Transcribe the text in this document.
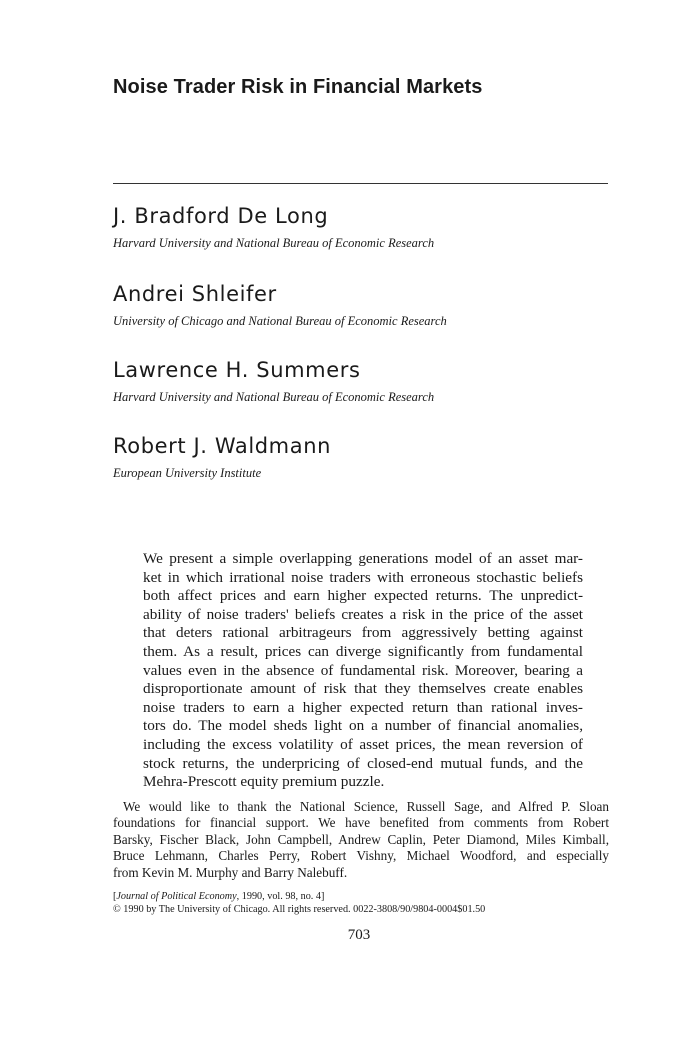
Noise Trader Risk in Financial Markets
J. Bradford De Long
Harvard University and National Bureau of Economic Research
Andrei Shleifer
University of Chicago and National Bureau of Economic Research
Lawrence H. Summers
Harvard University and National Bureau of Economic Research
Robert J. Waldmann
European University Institute
We present a simple overlapping generations model of an asset mar-
ket in which irrational noise traders with erroneous stochastic beliefs
both affect prices and earn higher expected returns. The unpredict-
ability of noise traders' beliefs creates a risk in the price of the asset
that deters rational arbitrageurs from aggressively betting against
them. As a result, prices can diverge significantly from fundamental
values even in the absence of fundamental risk. Moreover, bearing a
disproportionate amount of risk that they themselves create enables
noise traders to earn a higher expected return than rational inves-
tors do. The model sheds light on a number of financial anomalies,
including the excess volatility of asset prices, the mean reversion of
stock returns, the underpricing of closed-end mutual funds, and the
Mehra-Prescott equity premium puzzle.
We would like to thank the National Science, Russell Sage, and Alfred P. Sloan
foundations for financial support. We have benefited from comments from Robert
Barsky, Fischer Black, John Campbell, Andrew Caplin, Peter Diamond, Miles Kimball,
Bruce Lehmann, Charles Perry, Robert Vishny, Michael Woodford, and especially
from Kevin M. Murphy and Barry Nalebuff.
[Journal of Political Economy, 1990, vol. 98, no. 4]
© 1990 by The University of Chicago. All rights reserved. 0022-3808/90/9804-0004$01.50
703
